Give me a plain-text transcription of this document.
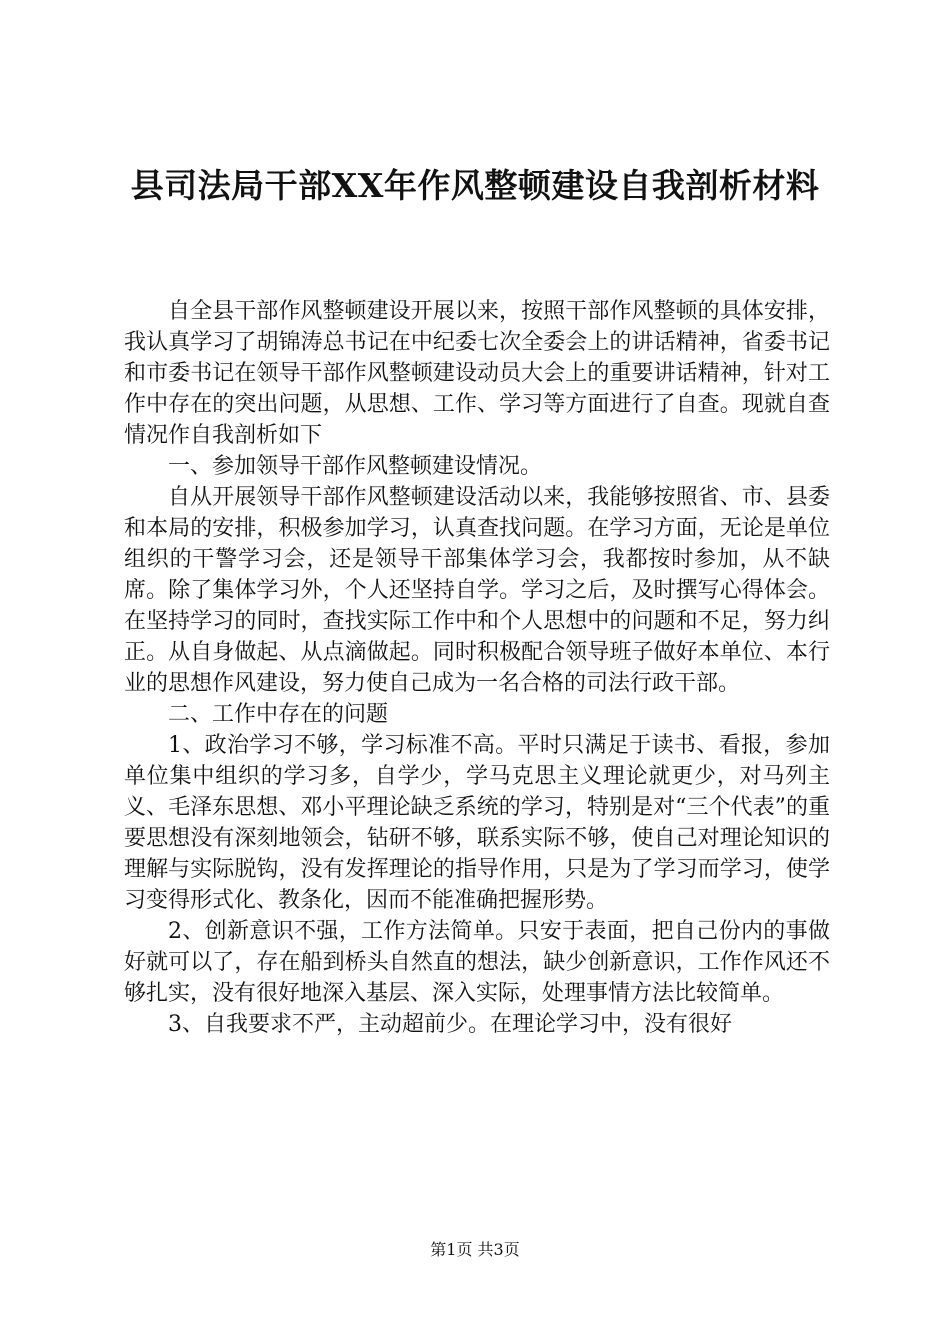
县司法局干部XX年作风整顿建设自我剖析材料

自全县干部作风整顿建设开展以来，按照干部作风整顿的具体安排，我认真学习了胡锦涛总书记在中纪委七次全委会上的讲话精神，省委书记和市委书记在领导干部作风整顿建设动员大会上的重要讲话精神，针对工作中存在的突出问题，从思想、工作、学习等方面进行了自查。现就自查情况作自我剖析如下

一、参加领导干部作风整顿建设情况。

自从开展领导干部作风整顿建设活动以来，我能够按照省、市、县委和本局的安排，积极参加学习，认真查找问题。在学习方面，无论是单位组织的干警学习会，还是领导干部集体学习会，我都按时参加，从不缺席。除了集体学习外，个人还坚持自学。学习之后，及时撰写心得体会。在坚持学习的同时，查找实际工作中和个人思想中的问题和不足，努力纠正。从自身做起、从点滴做起。同时积极配合领导班子做好本单位、本行业的思想作风建设，努力使自己成为一名合格的司法行政干部。

二、工作中存在的问题

1、政治学习不够，学习标准不高。平时只满足于读书、看报，参加单位集中组织的学习多，自学少，学马克思主义理论就更少，对马列主义、毛泽东思想、邓小平理论缺乏系统的学习，特别是对“三个代表”的重要思想没有深刻地领会，钻研不够，联系实际不够，使自己对理论知识的理解与实际脱钩，没有发挥理论的指导作用，只是为了学习而学习，使学习变得形式化、教条化，因而不能准确把握形势。

2、创新意识不强，工作方法简单。只安于表面，把自己份内的事做好就可以了，存在船到桥头自然直的想法，缺少创新意识，工作作风还不够扎实，没有很好地深入基层、深入实际，处理事情方法比较简单。

3、自我要求不严，主动超前少。在理论学习中，没有很好

第1页 共3页
